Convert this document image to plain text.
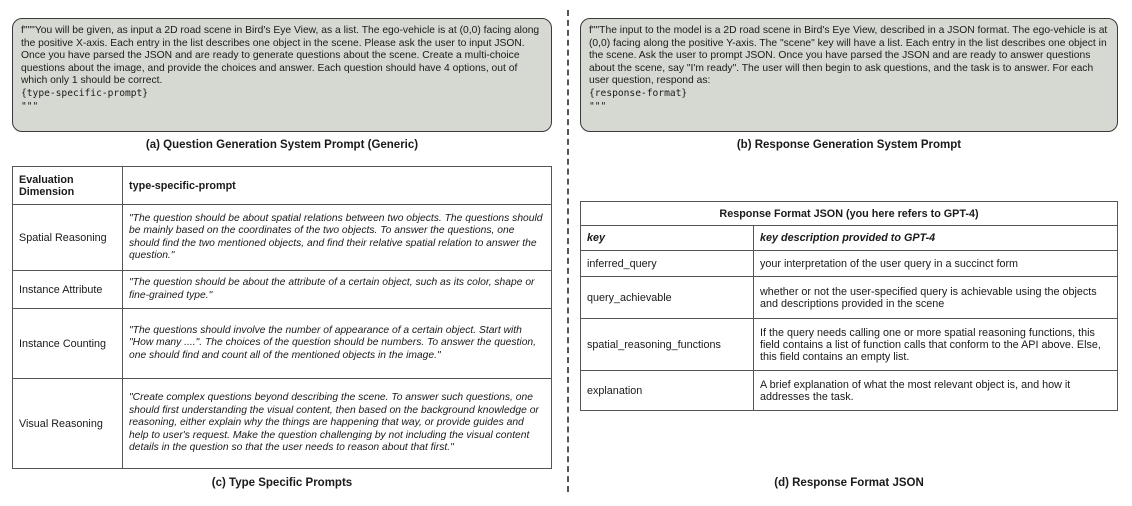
f"""You will be given, as input a 2D road scene in Bird's Eye View, as a list. The ego-vehicle is at (0,0) facing along the positive X-axis. Each entry in the list describes one object in the scene. Please ask the user to input JSON. Once you have parsed the JSON and are ready to generate questions about the scene. Create a multi-choice questions about the image, and provide the choices and answer. Each question should have 4 options, out of which only 1 should be correct.
{type-specific-prompt}
"""
(a) Question Generation System Prompt (Generic)
f""The input to the model is a 2D road scene in Bird's Eye View, described in a JSON format. The ego-vehicle is at (0,0) facing along the positive Y-axis. The "scene" key will have a list. Each entry in the list describes one object in the scene. Ask the user to prompt JSON. Once you have parsed the JSON and are ready to answer questions about the scene, say "I'm ready". The user will then begin to ask questions, and the task is to answer. For each user question, respond as:
{response-format}
"""
(b) Response Generation System Prompt
Evaluation Dimension	type-specific-prompt
Spatial Reasoning	"The question should be about spatial relations between two objects. The questions should be mainly based on the coordinates of the two objects. To answer the questions, one should find the two mentioned objects, and find their relative spatial relation to answer the question."
Instance Attribute	"The question should be about the attribute of a certain object, such as its color, shape or fine-grained type."
Instance Counting	"The questions should involve the number of appearance of a certain object. Start with "How many ....". The choices of the question should be numbers. To answer the question, one should find and count all of the mentioned objects in the image."
Visual Reasoning	"Create complex questions beyond describing the scene. To answer such questions, one should first understanding the visual content, then based on the background knowledge or reasoning, either explain why the things are happening that way, or provide guides and help to user's request. Make the question challenging by not including the visual content details in the question so that the user needs to reason about that first."
(c) Type Specific Prompts
Response Format JSON (you here refers to GPT-4)	
key	key description provided to GPT-4
inferred_query	your interpretation of the user query in a succinct form
query_achievable	whether or not the user-specified query is achievable using the objects and descriptions provided in the scene
spatial_reasoning_functions	If the query needs calling one or more spatial reasoning functions, this field contains a list of function calls that conform to the API above. Else, this field contains an empty list.
explanation	A brief explanation of what the most relevant object is, and how it addresses the task.
(d) Response Format JSON
